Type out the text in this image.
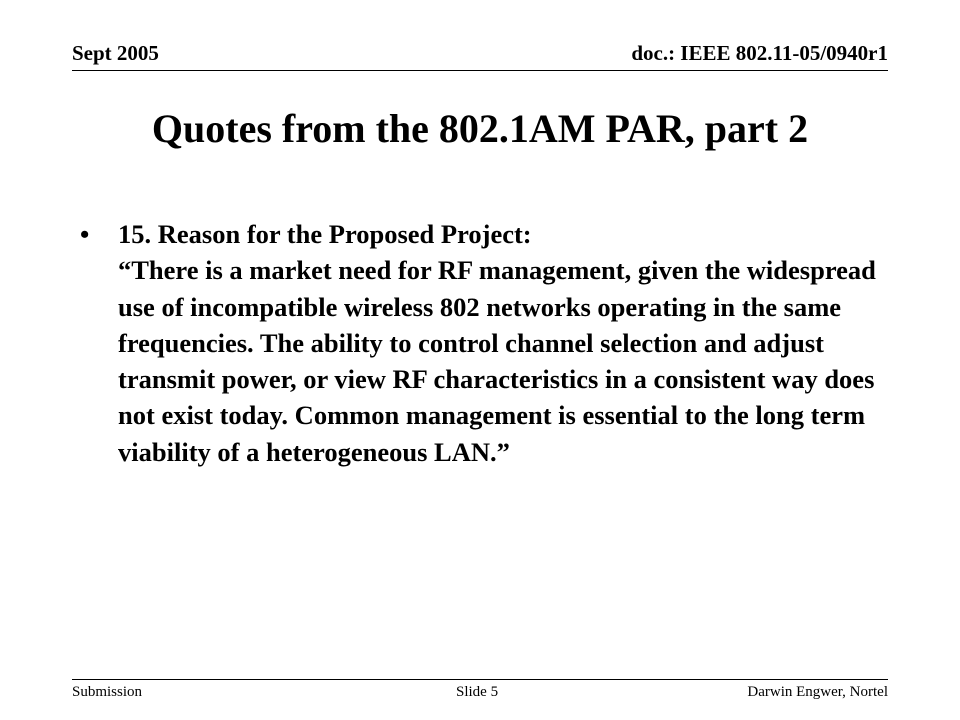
Sept 2005	doc.: IEEE 802.11-05/0940r1
Quotes from the 802.1AM PAR, part 2
• 15. Reason for the Proposed Project:
“There is a market need for RF management, given the widespread use of incompatible wireless 802 networks operating in the same frequencies. The ability to control channel selection and adjust transmit power, or view RF characteristics in a consistent way does not exist today. Common management is essential to the long term viability of a heterogeneous LAN.”
Submission	Slide 5	Darwin Engwer, Nortel
